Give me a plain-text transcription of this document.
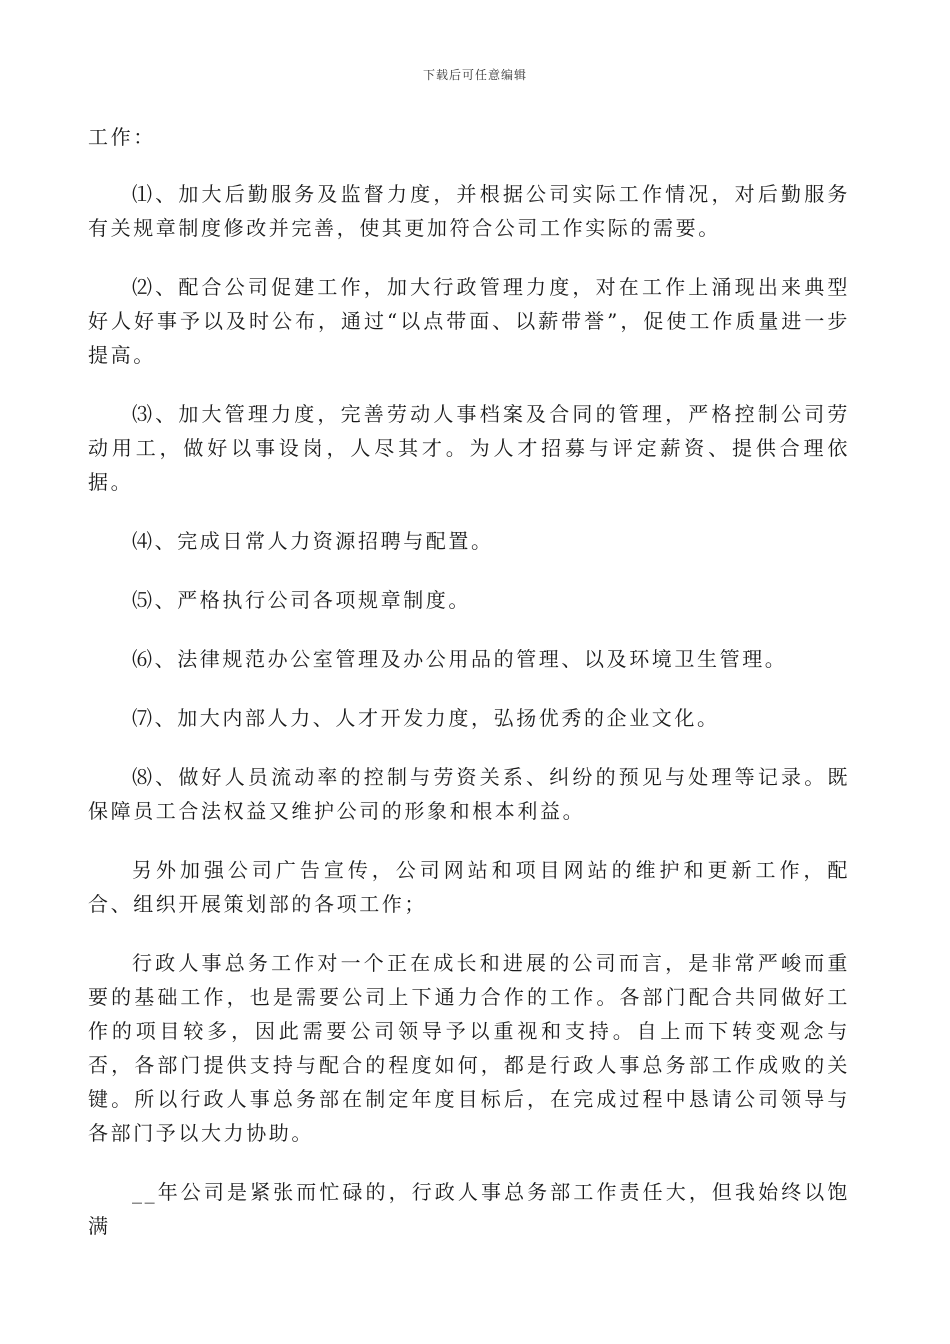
下载后可任意编辑

工作：

⑴、加大后勤服务及监督力度，并根据公司实际工作情况，对后勤服务有关规章制度修改并完善，使其更加符合公司工作实际的需要。

⑵、配合公司促建工作，加大行政管理力度，对在工作上涌现出来典型好人好事予以及时公布，通过“以点带面、以薪带誉”，促使工作质量进一步提高。

⑶、加大管理力度，完善劳动人事档案及合同的管理，严格控制公司劳动用工，做好以事设岗，人尽其才。为人才招募与评定薪资、提供合理依据。

⑷、完成日常人力资源招聘与配置。

⑸、严格执行公司各项规章制度。

⑹、法律规范办公室管理及办公用品的管理、以及环境卫生管理。

⑺、加大内部人力、人才开发力度，弘扬优秀的企业文化。

⑻、做好人员流动率的控制与劳资关系、纠纷的预见与处理等记录。既保障员工合法权益又维护公司的形象和根本利益。

另外加强公司广告宣传，公司网站和项目网站的维护和更新工作，配合、组织开展策划部的各项工作；

行政人事总务工作对一个正在成长和进展的公司而言，是非常严峻而重要的基础工作，也是需要公司上下通力合作的工作。各部门配合共同做好工作的项目较多，因此需要公司领导予以重视和支持。自上而下转变观念与否，各部门提供支持与配合的程度如何，都是行政人事总务部工作成败的关键。所以行政人事总务部在制定年度目标后，在完成过程中恳请公司领导与各部门予以大力协助。

__年公司是紧张而忙碌的，行政人事总务部工作责任大，但我始终以饱满
